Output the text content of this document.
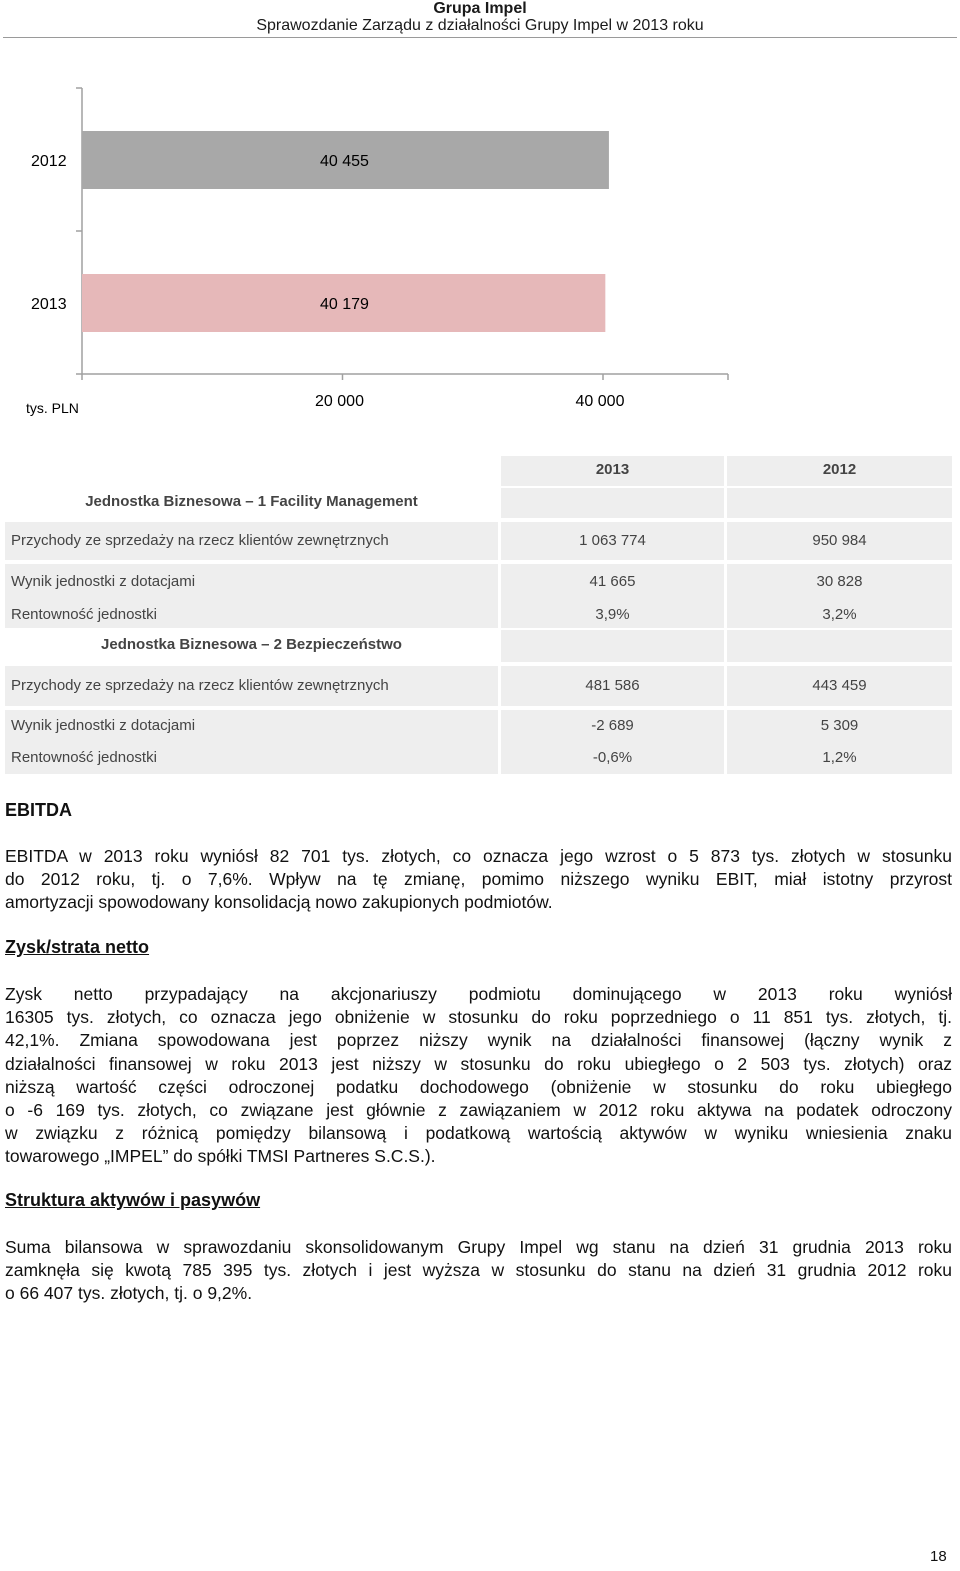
Grupa Impel
Sprawozdanie Zarządu z działalności Grupy Impel w 2013 roku
20 000	40 000
2012	40 455
2013	40 179
tys. PLN
2013	2012
Jednostka Biznesowa – 1 Facility Management
Przychody ze sprzedaży na rzecz klientów zewnętrznych	1 063 774	950 984
Wynik jednostki z dotacjami	41 665	30 828
Rentowność jednostki	3,9%	3,2%
Jednostka Biznesowa – 2 Bezpieczeństwo
Przychody ze sprzedaży na rzecz klientów zewnętrznych	481 586	443 459
Wynik jednostki z dotacjami	-2 689	5 309
Rentowność jednostki	-0,6%	1,2%
EBITDA
EBITDA w 2013 roku wyniósł 82 701 tys. złotych, co oznacza jego wzrost o 5 873 tys. złotych w stosunku
do 2012 roku, tj. o 7,6%. Wpływ na tę zmianę, pomimo niższego wyniku EBIT, miał istotny przyrost
amortyzacji spowodowany konsolidacją nowo zakupionych podmiotów.
Zysk/strata netto
Zysk netto przypadający na akcjonariuszy podmiotu dominującego w 2013 roku wyniósł
16305 tys. złotych, co oznacza jego obniżenie w stosunku do roku poprzedniego o 11 851 tys. złotych, tj.
42,1%. Zmiana spowodowana jest poprzez niższy wynik na działalności finansowej (łączny wynik z
działalności finansowej w roku 2013 jest niższy w stosunku do roku ubiegłego o 2 503 tys. złotych) oraz
niższą wartość części odroczonej podatku dochodowego (obniżenie w stosunku do roku ubiegłego
o -6 169 tys. złotych, co związane jest głównie z zawiązaniem w 2012 roku aktywa na podatek odroczony
w związku z różnicą pomiędzy bilansową i podatkową wartością aktywów w wyniku wniesienia znaku
towarowego „IMPEL” do spółki TMSI Partneres S.C.S.).
Struktura aktywów i pasywów
Suma bilansowa w sprawozdaniu skonsolidowanym Grupy Impel wg stanu na dzień 31 grudnia 2013 roku
zamknęła się kwotą 785 395 tys. złotych i jest wyższa w stosunku do stanu na dzień 31 grudnia 2012 roku
o 66 407 tys. złotych, tj. o 9,2%.
18
